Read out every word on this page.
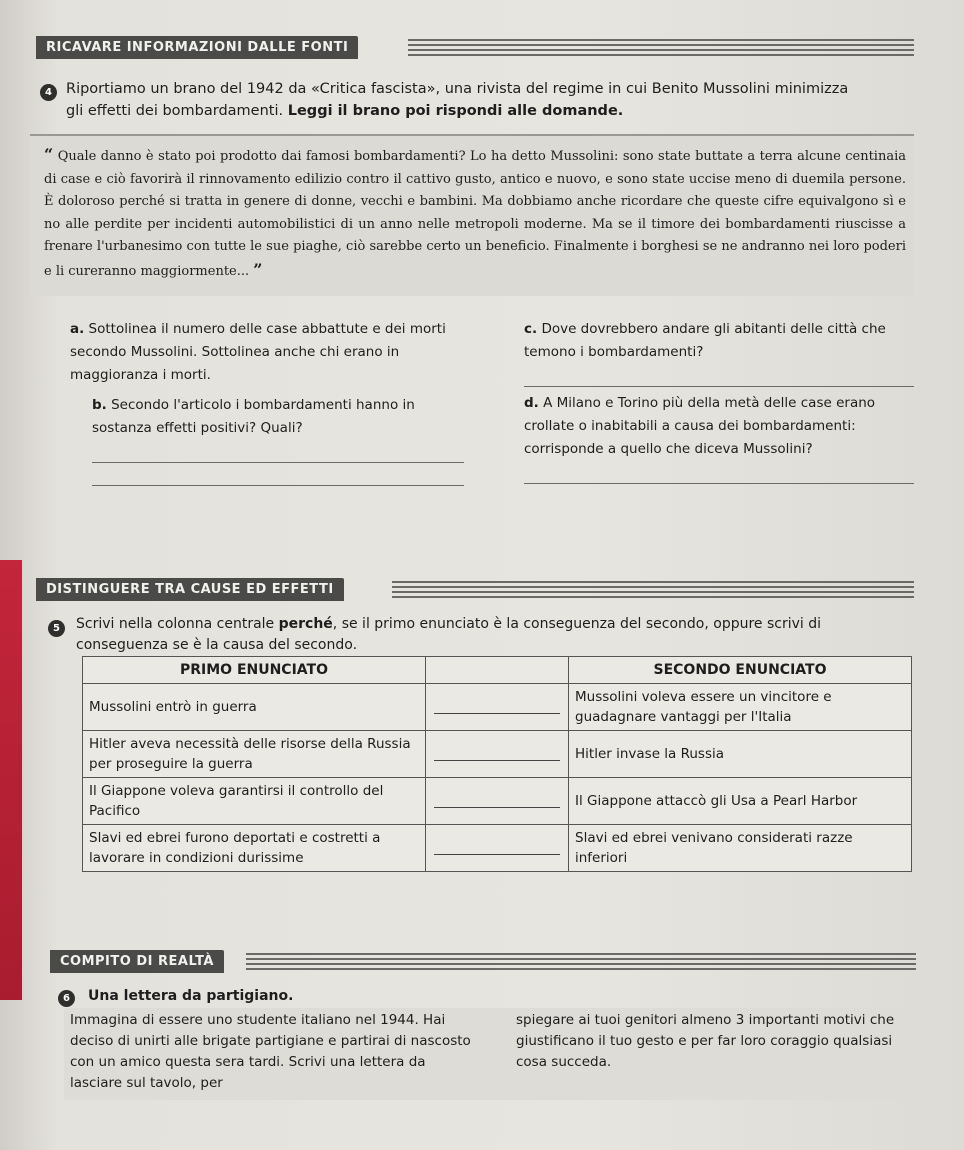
RICAVARE INFORMAZIONI DALLE FONTI
4 Riportiamo un brano del 1942 da «Critica fascista», una rivista del regime in cui Benito Mussolini minimizza
gli effetti dei bombardamenti. Leggi il brano poi rispondi alle domande.
“ Quale danno è stato poi prodotto dai famosi bombardamenti? Lo ha detto Mussolini: sono state buttate a terra alcune centinaia di case e ciò favorirà il rinnovamento edilizio contro il cattivo gusto, antico e nuovo, e sono state uccise meno di duemila persone. È doloroso perché si tratta in genere di donne, vecchi e bambini. Ma dobbiamo anche ricordare che queste cifre equivalgono sì e no alle perdite per incidenti automobilistici di un anno nelle metropoli moderne. Ma se il timore dei bombardamenti riuscisse a frenare l'urbanesimo con tutte le sue piaghe, ciò sarebbe certo un beneficio. Finalmente i borghesi se ne andranno nei loro poderi e li cureranno maggiormente... ”
a. Sottolinea il numero delle case abbattute e dei morti secondo Mussolini. Sottolinea anche chi erano in maggioranza i morti.
b. Secondo l'articolo i bombardamenti hanno in sostanza effetti positivi? Quali?
c. Dove dovrebbero andare gli abitanti delle città che temono i bombardamenti?
d. A Milano e Torino più della metà delle case erano crollate o inabitabili a causa dei bombardamenti: corrisponde a quello che diceva Mussolini?
DISTINGUERE TRA CAUSE ED EFFETTI
5	Scrivi nella colonna centrale perché, se il primo enunciato è la conseguenza del secondo, oppure scrivi di conseguenza se è la causa del secondo.
PRIMO ENUNCIATO		SECONDO ENUNCIATO
Mussolini entrò in guerra		Mussolini voleva essere un vincitore e guadagnare vantaggi per l'Italia
Hitler aveva necessità delle risorse della Russia per proseguire la guerra		Hitler invase la Russia
Il Giappone voleva garantirsi il controllo del Pacifico		Il Giappone attaccò gli Usa a Pearl Harbor
Slavi ed ebrei furono deportati e costretti a lavorare in condizioni durissime		Slavi ed ebrei venivano considerati razze inferiori
COMPITO DI REALTÀ
6	Una lettera da partigiano.
Immagina di essere uno studente italiano nel 1944. Hai deciso di unirti alle brigate partigiane e partirai di nascosto con un amico questa sera tardi. Scrivi una lettera da lasciare sul tavolo, per
spiegare ai tuoi genitori almeno 3 importanti motivi che giustificano il tuo gesto e per far loro coraggio qualsiasi cosa succeda.
